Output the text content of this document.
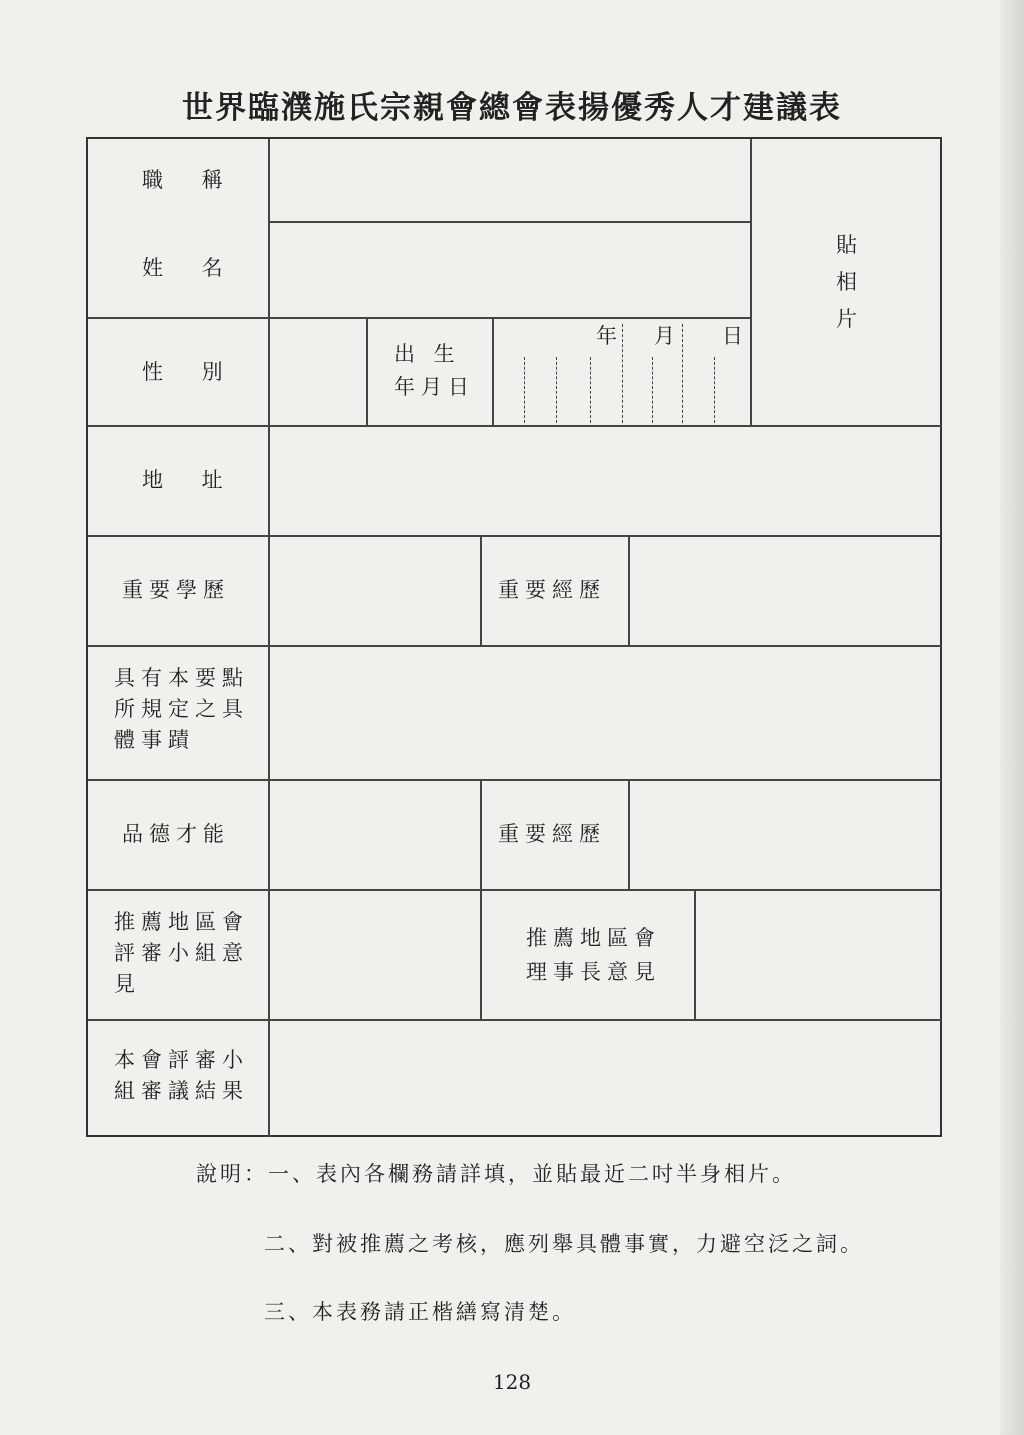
世界臨濮施氏宗親會總會表揚優秀人才建議表
職 稱
姓 名
貼相片
性 別
出 生
年月日
年 月 日
地 址
重要學歷	重要經歷
具有本要點所規定之具體事蹟
品德才能	重要經歷
推薦地區會評審小組意見
推薦地區會
理事長意見
本會評審小組審議結果
說明：一、表內各欄務請詳填，並貼最近二吋半身相片。
二、對被推薦之考核，應列舉具體事實，力避空泛之詞。
三、本表務請正楷繕寫清楚。
128
